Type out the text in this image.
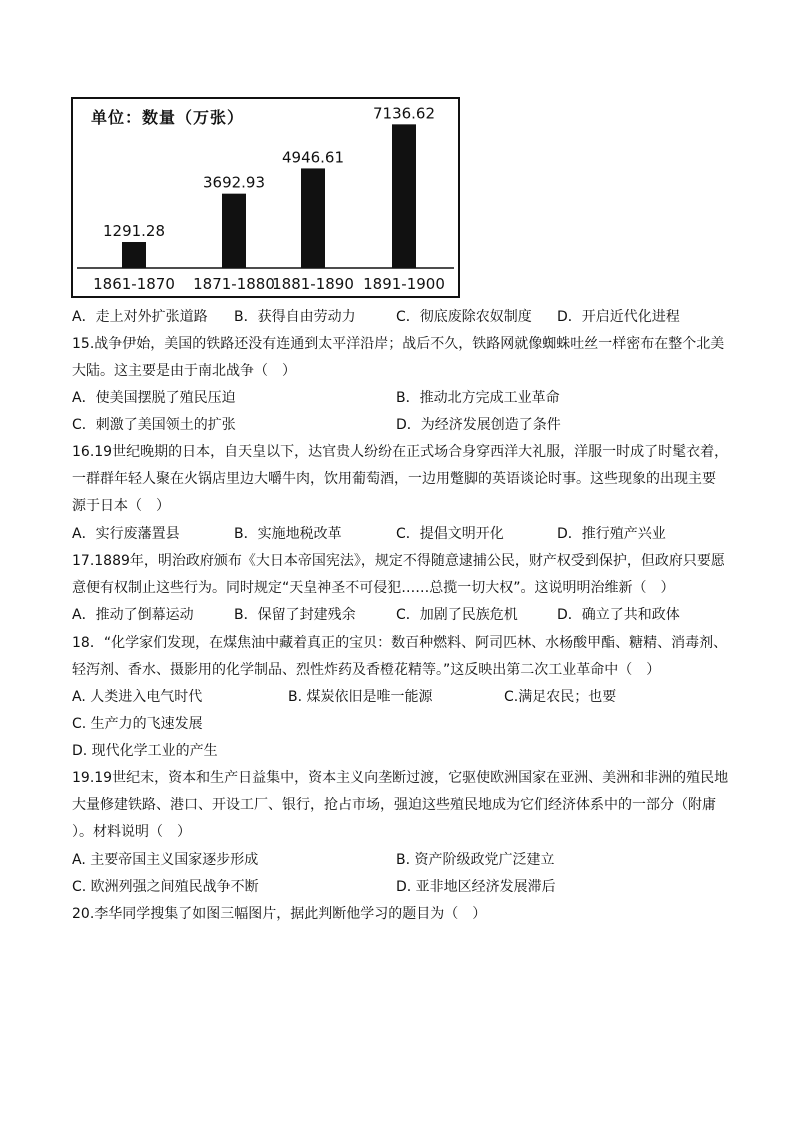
单位：数量（万张）
1291.28
1861-1870
3692.93
1871-1880
4946.61
1881-1890
7136.62
1891-1900
A．走上对外扩张道路 B．获得自由劳动力	C．彻底废除农奴制度 D．开启近代化进程
15.战争伊始，美国的铁路还没有连通到太平洋沿岸；战后不久，铁路网就像蜘蛛吐丝一样密布在整个北美
大陆。这主要是由于南北战争（　）
A．使美国摆脱了殖民压迫	B．推动北方完成工业革命
C．刺激了美国领土的扩张	D．为经济发展创造了条件
16.19世纪晚期的日本，自天皇以下，达官贵人纷纷在正式场合身穿西洋大礼服，洋服一时成了时髦衣着，
一群群年轻人聚在火锅店里边大嚼牛肉，饮用葡萄酒，一边用蹩脚的英语谈论时事。这些现象的出现主要
源于日本（　）
A．实行废藩置县	B．实施地税改革	C．提倡文明开化	D．推行殖产兴业
17.1889年，明治政府颁布《大日本帝国宪法》，规定不得随意逮捕公民，财产权受到保护，但政府只要愿
意便有权制止这些行为。同时规定“天皇神圣不可侵犯……总揽一切大权”。这说明明治维新（　）
A．推动了倒幕运动	B．保留了封建残余	C．加剧了民族危机	D．确立了共和政体
18．“化学家们发现，在煤焦油中藏着真正的宝贝：数百种燃料、阿司匹林、水杨酸甲酯、糖精、消毒剂、
轻泻剂、香水、摄影用的化学制品、烈性炸药及香橙花精等。”这反映出第二次工业革命中（　）
A. 人类进入电气时代	B. 煤炭依旧是唯一能源	C.满足农民；也要
C. 生产力的飞速发展
D. 现代化学工业的产生
19.19世纪末，资本和生产日益集中，资本主义向垄断过渡，它驱使欧洲国家在亚洲、美洲和非洲的殖民地
大量修建铁路、港口、开设工厂、银行，抢占市场，强迫这些殖民地成为它们经济体系中的一部分（附庸
）。材料说明（　）
A. 主要帝国主义国家逐步形成	B. 资产阶级政党广泛建立
C. 欧洲列强之间殖民战争不断	D. 亚非地区经济发展滞后
20.李华同学搜集了如图三幅图片，据此判断他学习的题目为（　）
